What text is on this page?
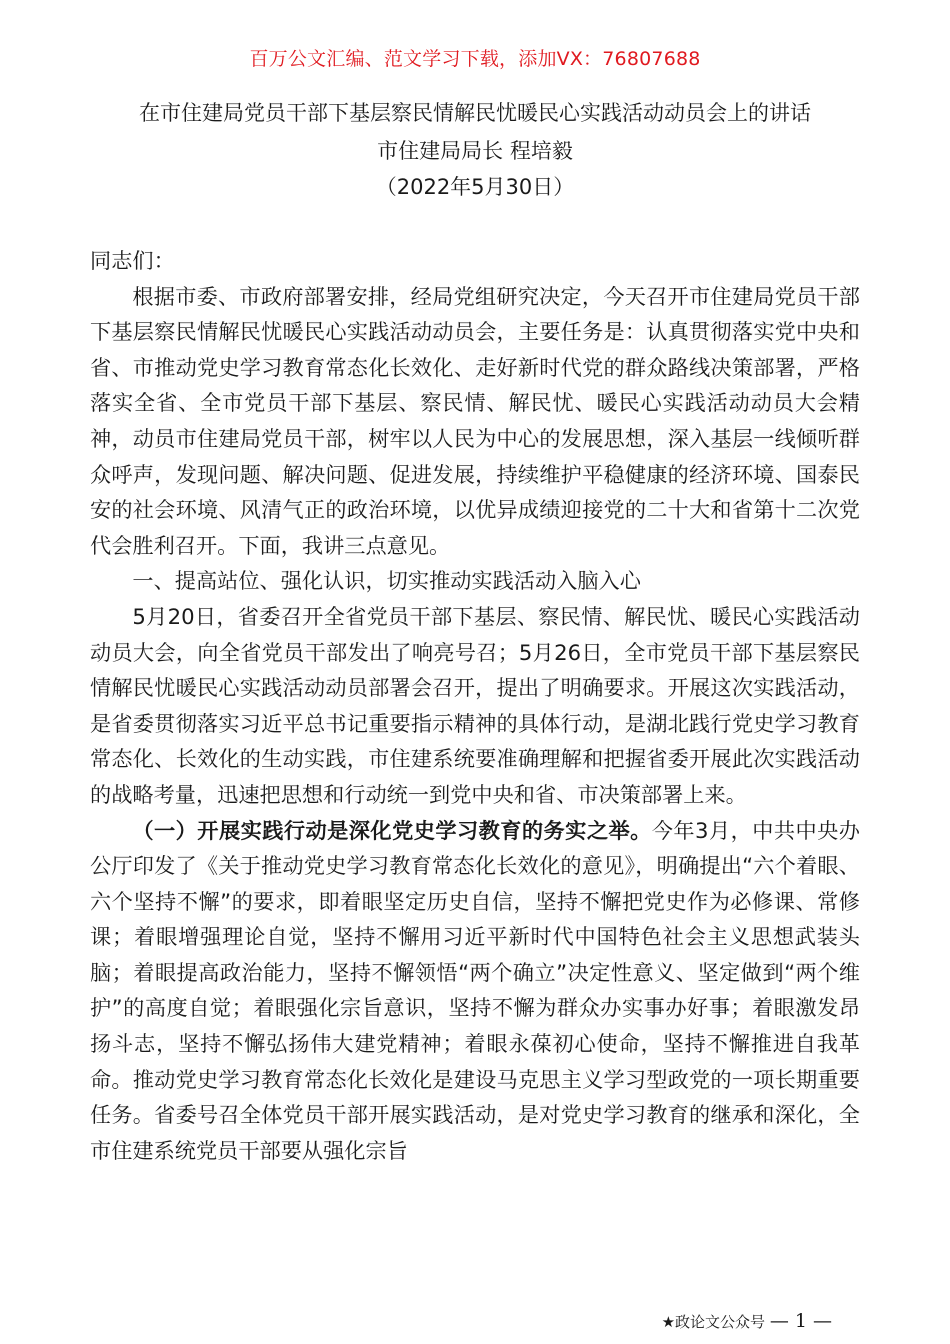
百万公文汇编、范文学习下载，添加VX：76807688
在市住建局党员干部下基层察民情解民忧暖民心实践活动动员会上的讲话
市住建局局长 程培毅
（2022年5月30日）

同志们：

根据市委、市政府部署安排，经局党组研究决定，今天召开市住建局党员干部下基层察民情解民忧暖民心实践活动动员会，主要任务是：认真贯彻落实党中央和省、市推动党史学习教育常态化长效化、走好新时代党的群众路线决策部署，严格落实全省、全市党员干部下基层、察民情、解民忧、暖民心实践活动动员大会精神，动员市住建局党员干部，树牢以人民为中心的发展思想，深入基层一线倾听群众呼声，发现问题、解决问题、促进发展，持续维护平稳健康的经济环境、国泰民安的社会环境、风清气正的政治环境，以优异成绩迎接党的二十大和省第十二次党代会胜利召开。下面，我讲三点意见。

一、提高站位、强化认识，切实推动实践活动入脑入心

5月20日，省委召开全省党员干部下基层、察民情、解民忧、暖民心实践活动动员大会，向全省党员干部发出了响亮号召；5月26日，全市党员干部下基层察民情解民忧暖民心实践活动动员部署会召开，提出了明确要求。开展这次实践活动，是省委贯彻落实习近平总书记重要指示精神的具体行动，是湖北践行党史学习教育常态化、长效化的生动实践，市住建系统要准确理解和把握省委开展此次实践活动的战略考量，迅速把思想和行动统一到党中央和省、市决策部署上来。

（一）开展实践行动是深化党史学习教育的务实之举。今年3月，中共中央办公厅印发了《关于推动党史学习教育常态化长效化的意见》，明确提出“六个着眼、六个坚持不懈”的要求，即着眼坚定历史自信，坚持不懈把党史作为必修课、常修课；着眼增强理论自觉，坚持不懈用习近平新时代中国特色社会主义思想武装头脑；着眼提高政治能力，坚持不懈领悟“两个确立”决定性意义、坚定做到“两个维护”的高度自觉；着眼强化宗旨意识，坚持不懈为群众办实事办好事；着眼激发昂扬斗志，坚持不懈弘扬伟大建党精神；着眼永葆初心使命，坚持不懈推进自我革命。推动党史学习教育常态化长效化是建设马克思主义学习型政党的一项长期重要任务。省委号召全体党员干部开展实践活动，是对党史学习教育的继承和深化，全市住建系统党员干部要从强化宗旨

★政论文公众号 — 1 —
